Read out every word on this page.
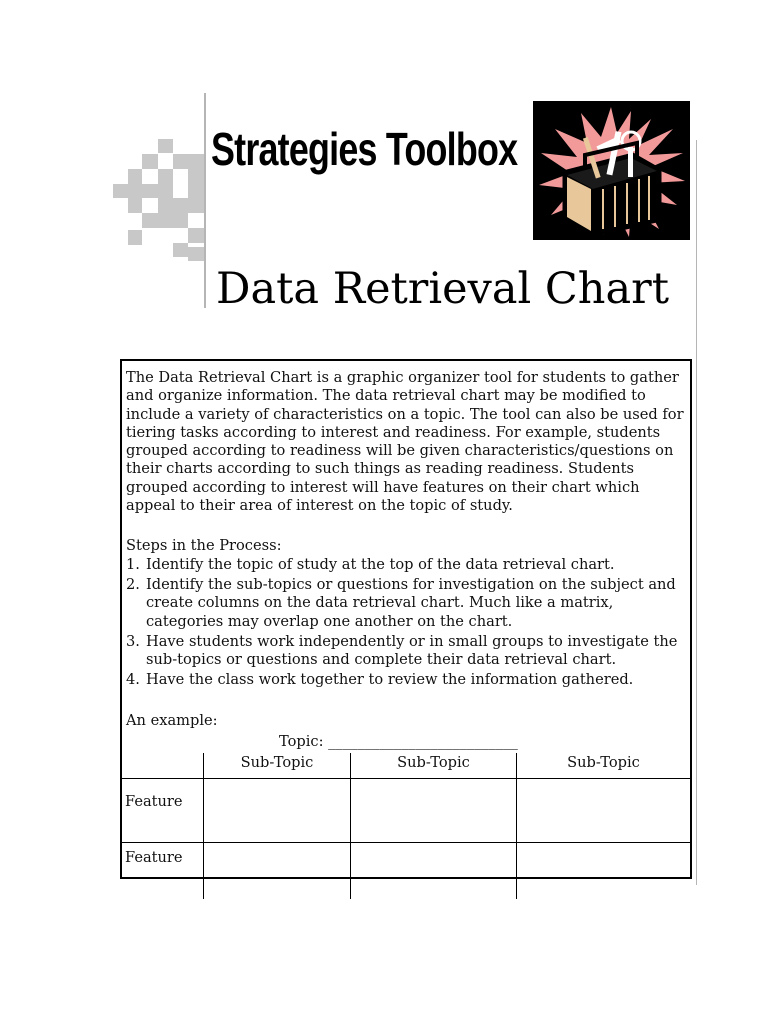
Strategies Toolbox
Data Retrieval Chart

The Data Retrieval Chart is a graphic organizer tool for students to gather and organize information. The data retrieval chart may be modified to include a variety of characteristics on a topic. The tool can also be used for tiering tasks according to interest and readiness. For example, students grouped according to readiness will be given characteristics/questions on their charts according to such things as reading readiness. Students grouped according to interest will have features on their chart which appeal to their area of interest on the topic of study.

Steps in the Process:

1. Identify the topic of study at the top of the data retrieval chart.
2. Identify the sub-topics or questions for investigation on the subject and create columns on the data retrieval chart. Much like a matrix, categories may overlap one another on the chart.
3. Have students work independently or in small groups to investigate the sub-topics or questions and complete their data retrieval chart.
4. Have the class work together to review the information gathered.

An example:

Topic: __________________________
	Sub-Topic	Sub-Topic	Sub-Topic
Feature			
Feature			
